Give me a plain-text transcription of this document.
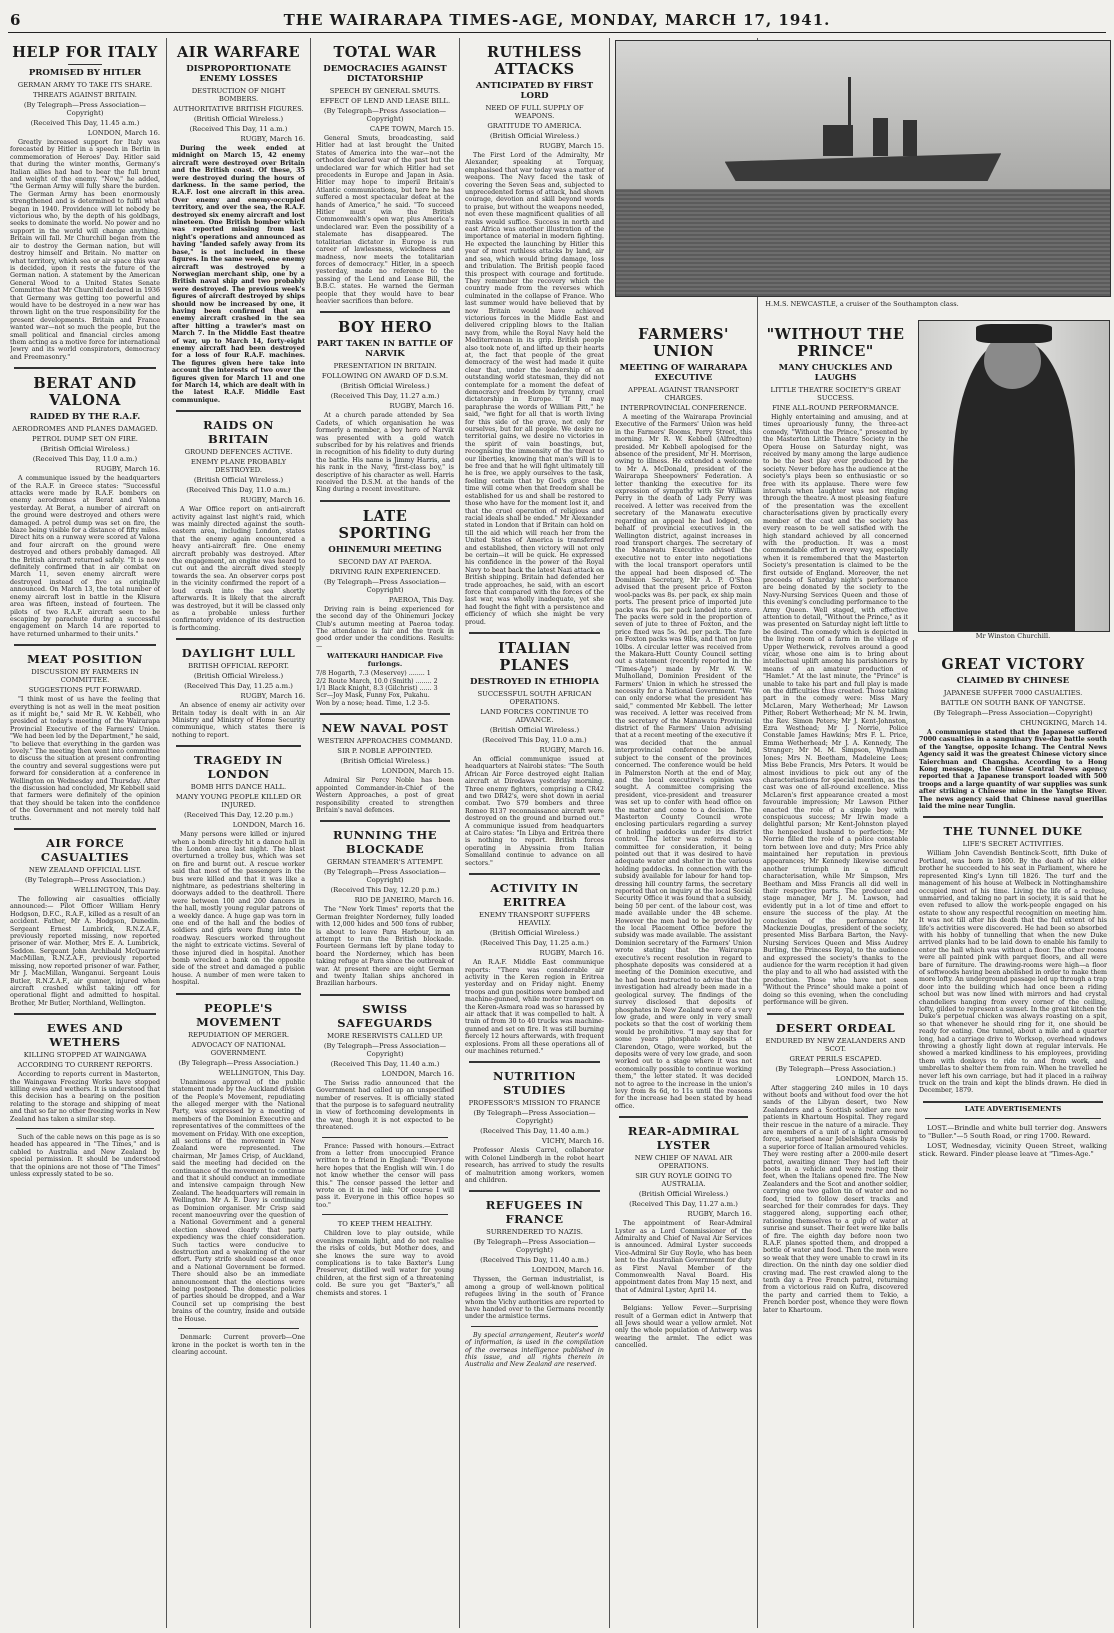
6	THE WAIRARAPA TIMES-AGE, MONDAY, MARCH 17, 1941.
HELP FOR ITALY
PROMISED BY HITLER
GERMAN ARMY TO TAKE ITS SHARE.
THREATS AGAINST BRITAIN.
(By Telegraph—Press Association—Copyright)
(Received This Day, 11.45 a.m.)
LONDON, March 16.

Greatly increased support for Italy was forecasted by Hitler in a speech in Berlin in commemoration of Heroes' Day. Hitler said that during the winter months, Germany's Italian allies had had to bear the full brunt and weight of the enemy. "Now," he added, "the German Army will fully share the burden. The German Army has been enormously strengthened and is determined to fulfil what began in 1940. Providence will let nobody be victorious who, by the depth of his goldbags, seeks to dominate the world. No power and no support in the world will change anything. Britain will fall. Mr Churchill began from the air to destroy the German nation, but will destroy himself and Britain. No matter on what territory, which sea or air space this war is decided, upon it rests the future of the German nation. A statement by the American General Wood to a United States Senate Committee that Mr Churchill declared in 1936 that Germany was getting too powerful and would have to be destroyed in a new war has thrown light on the true responsibility for the present developments. Britain and France wanted war—not so much the people, but the small political and financial circles among them acting as a motive force for international Jewry and its world conspirators, democracy and Freemasonry."

BERAT AND VALONA
RAIDED BY THE R.A.F.
AERODROMES AND PLANES DAMAGED.
PETROL DUMP SET ON FIRE.
(British Official Wireless.)
(Received This Day, 11.0 a.m.)
RUGBY, March 16.

A communique issued by the headquarters of the R.A.F. in Greece states: "Successful attacks were made by R.A.F. bombers on enemy aerodromes at Berat and Valona yesterday. At Berat, a number of aircraft on the ground were destroyed and others were damaged. A petrol dump was set on fire, the blaze being visible for a distance of fifty miles. Direct hits on a runway were scored at Valona and four aircraft on the ground were destroyed and others probably damaged. All the British aircraft returned safely. "It is now definitely confirmed that in air combat on March 11, seven enemy aircraft were destroyed instead of five as originally announced. On March 13, the total number of enemy aircraft lost in battle in the Klisura area was fifteen, instead of fourteen. The pilots of two R.A.F. aircraft seen to be escaping by parachute during a successful engagement on March 14 are reported to have returned unharmed to their units."

MEAT POSITION
DISCUSSION BY FARMERS IN COMMITTEE.
SUGGESTIONS PUT FORWARD.

"I think most of us have the feeling that everything is not as well in the meat position as it might be," said Mr R. W. Kebbell, who presided at today's meeting of the Wairarapa Provincial Executive of the Farmers' Union. "We had been led by the Department," he said, "to believe that everything in the garden was lovely." The meeting then went into committee to discuss the situation at present confronting the country and several suggestions were put forward for consideration at a conference in Wellington on Wednesday and Thursday. After the discussion had concluded, Mr Kebbell said that farmers were definitely of the opinion that they should be taken into the confidence of the Government and not merely told half truths.

AIR FORCE CASUALTIES
NEW ZEALAND OFFICIAL LIST.
(By Telegraph—Press Association.)
WELLINGTON, This Day.

The following air casualties officially announced:— Pilot Officer William Henry Hodgson, D.F.C., R.A.F., killed as a result of an accident. Father, Mr A. Hodgson, Dunedin. Sergeant Ernest Lumbrick, R.N.Z.A.F., previously reported missing, now reported prisoner of war. Mother, Mrs E. A. Lumbrick, Seddon. Sergeant John Archibald McQuarrie MacMillan, R.N.Z.A.F., previously reported missing, now reported prisoner of war. Father, Mr J. MacMillan, Wanganui. Sergeant Louis Butler, R.N.Z.A.F., air gunner, injured when aircraft crashed whilst taking off for operational flight and admitted to hospital. Brother, Mr Butler, Northland, Wellington.

EWES AND WETHERS
KILLING STOPPED AT WAINGAWA
ACCORDING TO CURRENT REPORTS.

According to reports current in Masterton, the Waingawa Freezing Works have stopped killing ewes and wethers. It is understood that this decision has a bearing on the position relating to the storage and shipping of meat and that so far no other freezing works in New Zealand has taken a similar step.

Such of the cable news on this page as is so headed has appeared in "The Times," and is cabled to Australia and New Zealand by special permission. It should be understood that the opinions are not those of "The Times" unless expressly stated to be so.

AIR WARFARE
DISPROPORTIONATE ENEMY LOSSES
DESTRUCTION OF NIGHT BOMBERS.
AUTHORITATIVE BRITISH FIGURES.
(British Official Wireless.)
(Received This Day, 11 a.m.)
RUGBY, March 16.

During the week ended at midnight on March 15, 42 enemy aircraft were destroyed over Britain and the British coast. Of these, 35 were destroyed during the hours of darkness. In the same period, the R.A.F. lost one aircraft in this area. Over enemy and enemy-occupied territory, and over the sea, the R.A.F. destroyed six enemy aircraft and lost nineteen. One British bomber which was reported missing from last night's operations and announced as having "landed safely away from its base," is not included in these figures. In the same week, one enemy aircraft was destroyed by a Norwegian merchant ship, one by a British naval ship and two probably were destroyed. The previous week's figures of aircraft destroyed by ships should now be increased by one, it having been confirmed that an enemy aircraft crashed in the sea after hitting a trawler's mast on March 7. In the Middle East theatre of war, up to March 14, forty-eight enemy aircraft had been destroyed for a loss of four R.A.F. machines. The figures given here take into account the interests of two over the figures given for March 11 and one for March 14, which are dealt with in the latest R.A.F. Middle East communique.

RAIDS ON BRITAIN
GROUND DEFENCES ACTIVE.
ENEMY PLANE PROBABLY DESTROYED.
(British Official Wireless.)
(Received This Day, 11.0 a.m.)
RUGBY, March 16.

A War Office report on anti-aircraft activity against last night's raid, which was mainly directed against the south-eastern area, including London, states that the enemy again encountered a heavy anti-aircraft fire. One enemy aircraft probably was destroyed. After the engagement, an engine was heard to cut out and the aircraft dived steeply towards the sea. An observer corps post in the vicinity confirmed the report of a loud crash into the sea shortly afterwards. It is likely that the aircraft was destroyed, but it will be classed only as a probable unless further confirmatory evidence of its destruction is forthcoming.

DAYLIGHT LULL
BRITISH OFFICIAL REPORT.
(British Official Wireless.)
(Received This Day, 11.25 a.m.)
RUGBY, March 16.

An absence of enemy air activity over Britain today is dealt with in an Air Ministry and Ministry of Home Security communique, which states there is nothing to report.

TRAGEDY IN LONDON
BOMB HITS DANCE HALL.
MANY YOUNG PEOPLE KILLED OR INJURED.
(Received This Day, 12.20 p.m.)
LONDON, March 16.

Many persons were killed or injured when a bomb directly hit a dance hall in the London area last night. The blast overturned a trolley bus, which was set on fire and burnt out. A rescue worker said that most of the passengers in the bus were killed and that it was like a nightmare, as pedestrians sheltering in doorways added to the deathroll. There were between 100 and 200 dancers in the hall, mostly young regular patrons of a weekly dance. A huge gap was torn in one end of the hall and the bodies of soldiers and girls were flung into the roadway. Rescuers worked throughout the night to extricate victims. Several of those injured died in hospital. Another bomb wrecked a bank on the opposite side of the street and damaged a public house. A number of men were taken to hospital.

PEOPLE'S MOVEMENT
REPUDIATION OF MERGER.
ADVOCACY OF NATIONAL GOVERNMENT.
(By Telegraph—Press Association.)
WELLINGTON, This Day.

Unanimous approval of the public statement made by the Auckland division of the People's Movement, repudiating the alleged merger with the National Party, was expressed by a meeting of members of the Dominion Executive and representatives of the committees of the movement on Friday. With one exception, all sections of the movement in New Zealand were represented. The chairman, Mr James Crisp, of Auckland, said the meeting had decided on the continuance of the movement to continue and that it should conduct an immediate and intensive campaign through New Zealand. The headquarters will remain in Wellington. Mr A. E. Davy is continuing as Dominion organiser. Mr Crisp said recent manoeuvring over the question of a National Government and a general election showed clearly that party expediency was the chief consideration. Such tactics were conducive to destruction and a weakening of the war effort. Party strife should cease at once and a National Government be formed. There should also be an immediate announcement that the elections were being postponed. The domestic policies of parties should be dropped, and a War Council set up comprising the best brains of the country, inside and outside the House.

Denmark: Current proverb—One krone in the pocket is worth ten in the clearing account.

TOTAL WAR
DEMOCRACIES AGAINST DICTATORSHIP
SPEECH BY GENERAL SMUTS.
EFFECT OF LEND AND LEASE BILL.
(By Telegraph—Press Association—Copyright)
CAPE TOWN, March 15.

General Smuts, broadcasting, said Hitler had at last brought the United States of America into the war—not the orthodox declared war of the past but the undeclared war for which Hitler had set precedents in Europe and Japan in Asia. Hitler may hope to imperil Britain's Atlantic communications, but here he has suffered a most spectacular defeat at the hands of America," he said. "To succeed Hitler must win the British Commonwealth's open war, plus America's undeclared war. Even the possibility of a stalemate has disappeared. The totalitarian dictator in Europe is run career of lawlessness, wickedness and madness, now meets the totalitarian forces of democracy." Hitler, in a speech yesterday, made no reference to the passing of the Lend and Lease Bill, the B.B.C. states. He warned the German people that they would have to bear heavier sacrifices than before.

BOY HERO
PART TAKEN IN BATTLE OF NARVIK
PRESENTATION IN BRITAIN.
FOLLOWING ON AWARD OF D.S.M.
(British Official Wireless.)
(Received This Day, 11.27 a.m.)
RUGBY, March 16.

At a church parade attended by Sea Cadets, of which organisation he was formerly a member, a boy hero of Narvik was presented with a gold watch subscribed for by his relatives and friends in recognition of his fidelity to duty during the battle. His name is Jimmy Harris, and his rank in the Navy, "first-class boy," is descriptive of his character as well. Harris received the D.S.M. at the hands of the King during a recent investiture.

LATE SPORTING
OHINEMURI MEETING
SECOND DAY AT PAEROA.
DRIVING RAIN EXPERIENCED.
(By Telegraph—Press Association—Copyright)
PAEROA, This Day.

Driving rain is being experienced for the second day of the Ohinemuri Jockey Club's autumn meeting at Paeroa today. The attendance is fair and the track in good order under the conditions. Results:—

WAITEKAURI HANDICAP. Five furlongs.
7/8 Hogarth, 7.3 (Meservey) ........ 1
2/2 Route March, 10.0 (Smith) ........ 2
1/1 Black Knight, 8.3 (Gilchrist) ...... 3
Scr—Joy Mask, Funny Fox, Pukahu.
Won by a nose; head. Time, 1.2 3-5.
NEW NAVAL POST
WESTERN APPROACHES COMMAND.
SIR P. NOBLE APPOINTED.
(British Official Wireless.)
LONDON, March 15.

Admiral Sir Percy Noble has been appointed Commander-in-Chief of the Western Approaches, a post of great responsibility created to strengthen Britain's naval defences.

RUNNING THE BLOCKADE
GERMAN STEAMER'S ATTEMPT.
(By Telegraph—Press Association—Copyright)
(Received This Day, 12.20 p.m.)
RIO DE JANEIRO, March 16.

The "New York Times" reports that the German freighter Norderney, fully loaded with 12,000 hides and 500 tons of rubber, is about to leave Para Harbour, in an attempt to run the British blockade. Fourteen Germans left by plane today to board the Norderney, which has been taking refuge at Para since the outbreak of war. At present there are eight German and twenty Italian ships anchored in Brazilian harbours.

SWISS SAFEGUARDS
MORE RESERVISTS CALLED UP.
(By Telegraph—Press Association—Copyright)
(Received This Day, 11.40 a.m.)
LONDON, March 16.

The Swiss radio announced that the Government had called up an unspecified number of reserves. It is officially stated that the purpose is to safeguard neutrality in view of forthcoming developments in the war, though it is not expected to be threatened.

France: Passed with honours.—Extract from a letter from unoccupied France written to a friend in England: "Everyone here hopes that the English will win. I do not know whether the censor will pass this." The censor passed the letter and wrote on it in red ink: "Of course I will pass it. Everyone in this office hopes so too."

TO KEEP THEM HEALTHY.

Children love to play outside, while evenings remain light, and do not realise the risks of colds, but Mother does, and she knows the sure way to avoid complications is to take Baxter's Lung Preserver, distilled well water for young children, at the first sign of a threatening cold. Be sure you get "Baxter's," all chemists and stores. 1

RUTHLESS ATTACKS
ANTICIPATED BY FIRST LORD
NEED OF FULL SUPPLY OF WEAPONS.
GRATITUDE TO AMERICA.
(British Official Wireless.)
RUGBY, March 15.

The First Lord of the Admiralty, Mr Alexander, speaking at Torquay, emphasised that war today was a matter of weapons. The Navy faced the task of covering the Seven Seas and, subjected to unprecedented forms of attack, had shown courage, devotion and skill beyond words to praise, but without the weapons needed, not even these magnificent qualities of all ranks would suffice. Success in north and east Africa was another illustration of the importance of material in modern fighting. He expected the launching by Hitler this year of most ruthless attacks by land, air and sea, which would bring damage, loss and tribulation. The British people faced this prospect with courage and fortitude. They remember the recovery which the country made from the reverses which culminated in the collapse of France. Who last summer would have believed that by now Britain would have achieved victorious forces in the Middle East and delivered crippling blows to the Italian navy from, while the Royal Navy held the Mediterranean in its grip. British people also took note of, and lifted up their hearts at, the fact that people of the great democracy of the west had made it quite clear that, under the leadership of an outstanding world statesman, they did not contemplate for a moment the defeat of democracy and freedom by tyranny, cruel dictatorship in Europe. "If I may paraphrase the words of William Pitt," he said, "we fight for all that is worth living for this side of the grave, not only for ourselves, but for all people. We desire no territorial gains, we desire no victories in the spirit of vain boastings, but, recognising the immensity of the threat to our liberties, knowing that man's will is to be free and that he will fight ultimately till he is free, we apply ourselves to the task, feeling certain that by God's grace the time will come when that freedom shall be established for us and shall be restored to those who have for the moment lost it, and that the cruel operation of religious and racial ideals shall be ended." Mr Alexander stated in London that if Britain can hold on till the aid which will reach her from the United States of America is transferred and established, then victory will not only be certain—it will be quick. He expressed his confidence in the power of the Royal Navy to beat back the latest Nazi attack on British shipping. Britain had defended her trade approaches, he said, with an escort force that compared with the forces of the last war, was wholly inadequate, yet she had fought the fight with a persistence and efficiency of which she might be very proud.

ITALIAN PLANES
DESTROYED IN ETHIOPIA
SUCCESSFUL SOUTH AFRICAN OPERATIONS.
LAND FORCES CONTINUE TO ADVANCE.
(British Official Wireless.)
(Received This Day, 11.0 a.m.)
RUGBY, March 16.

An official communique issued at headquarters at Nairobi states: "The South African Air Force destroyed eight Italian aircraft at Diredawa yesterday morning. Three enemy fighters, comprising a CR42 and two DR42's, were shot down in aerial combat. Two S79 bombers and three Romeo R137 reconnaissance aircraft were destroyed on the ground and burned out." A communique issued from headquarters at Cairo states: "In Libya and Eritrea there is nothing to report. British forces operating in Abyssinia from Italian Somaliland continue to advance on all sectors."

ACTIVITY IN ERITREA
ENEMY TRANSPORT SUFFERS HEAVILY.
(British Official Wireless.)
(Received This Day, 11.25 a.m.)
RUGBY, March 16.

An R.A.F. Middle East communique reports: "There was considerable air activity in the Keren region in Eritrea yesterday and on Friday night. Enemy troops and gun positions were bombed and machine-gunned, while motor transport on the Keren-Asmara road was so harassed by air attack that it was compelled to halt. A train of from 30 to 40 trucks was machine-gunned and set on fire. It was still burning fiercely 12 hours afterwards, with frequent explosions. From all these operations all of our machines returned."

NUTRITION STUDIES
PROFESSOR'S MISSION TO FRANCE
(By Telegraph—Press Association—Copyright)
(Received This Day, 11.40 a.m.)
VICHY, March 16.

Professor Alexis Carrel, collaborator with Colonel Lindbergh in the robot heart research, has arrived to study the results of malnutrition among workers, women and children.

REFUGEES IN FRANCE
SURRENDERED TO NAZIS.
(By Telegraph—Press Association—Copyright)
(Received This Day, 11.40 a.m.)
LONDON, March 16.

Thyssen, the German industrialist, is among a group of well-known political refugees living in the south of France whom the Vichy authorities are reported to have handed over to the Germans recently under the armistice terms.

By special arrangement, Reuter's world of information, is used in the compilation of the overseas intelligence published in this issue, and all rights therein in Australia and New Zealand are reserved.

H.M.S. NEWCASTLE, a cruiser of the Southampton class.
FARMERS' UNION
MEETING OF WAIRARAPA EXECUTIVE
APPEAL AGAINST TRANSPORT CHARGES.
INTERPROVINCIAL CONFERENCE.

A meeting of the Wairarapa Provincial Executive of the Farmers' Union was held in the Farmers' Rooms, Perry Street, this morning. Mr R. W. Kebbell (Alfredton) presided. Mr Kebbell apologised for the absence of the president, Mr H. Morrison, owing to illness. He extended a welcome to Mr A. McDonald, president of the Wairarapa Sheepowners' Federation. A letter thanking the executive for its expression of sympathy with Sir William Perry in the death of Lady Perry was received. A letter was received from the secretary of the Manawatu executive regarding an appeal he had lodged, on behalf of provincial executives in the Wellington district, against increases in road transport charges. The secretary of the Manawatu Executive advised the executive not to enter into negotiations with the local transport operators until the appeal had been disposed of. The Dominion Secretary, Mr A. P. O'Shea advised that the present price of Foxton wool-packs was 8s. per pack, ex ship main ports. The present price of imported jute packs was 6s. per pack landed into store. The packs were sold in the proportion of seven of jute to three of Foxton, and the price fixed was 5s. 9d. per pack. The fare on Foxton packs was 9lbs, and that on jute 10lbs. A circular letter was received from the Makara-Hutt County Council setting out a statement (recently reported in the "Times-Age") made by Mr W. W. Mulholland, Dominion President of the Farmers' Union in which he stressed the necessity for a National Government. "We can only endorse what the president has said," commented Mr Kebbell. The letter was received. A letter was received from the secretary of the Manawatu Provincial district of the Farmers' Union advising that at a recent meeting of the executive it was decided that the annual interprovincial conference be held, subject to the consent of the provinces concerned. The conference would be held in Palmerston North at the end of May, and the local executive's opinion was sought. A committee comprising the president, vice-president and treasurer was set up to confer with head office on the matter and come to a decision. The Masterton County Council wrote enclosing particulars regarding a survey of holding paddocks under its district control. The letter was referred to a committee for consideration, it being pointed out that it was desired to have adequate water and shelter in the various holding paddocks. In connection with the subsidy available for labour for hand top-dressing hill country farms, the secretary reported that on inquiry at the local Social Security Office it was found that a subsidy, being 50 per cent. of the labour cost, was made available under the 4B scheme. However the men had to be provided by the local Placement Office before the subsidy was made available. The assistant Dominion secretary of the Farmers' Union wrote stating that the Wairarapa executive's recent resolution in regard to phosphate deposits was considered at a meeting of the Dominion executive, and he had been instructed to advise that the investigation had already been made in a geological survey. The findings of the survey disclosed that deposits of phosphates in New Zealand were of a very low grade, and were only in very small pockets so that the cost of working them would be prohibitive. "I may say that for some years phosphate deposits at Clarendon, Otago, were worked, but the deposits were of very low grade, and soon worked out to a stage where it was not economically possible to continue working them," the letter stated. It was decided not to agree to the increase in the union's levy from 8s 6d, to 11s until the reasons for the increase had been stated by head office.

REAR-ADMIRAL LYSTER
NEW CHIEF OF NAVAL AIR OPERATIONS.
SIR GUY ROYLE GOING TO AUSTRALIA.
(British Official Wireless.)
(Received This Day, 11.27 a.m.)
RUGBY, March 16.

The appointment of Rear-Admiral Lyster as a Lord Commissioner of the Admiralty and Chief of Naval Air Services is announced. Admiral Lyster succeeds Vice-Admiral Sir Guy Royle, who has been lent to the Australian Government for duty as First Naval Member of the Commonwealth Naval Board. His appointment dates from May 15 next, and that of Admiral Lyster, April 14.

Belgians: Yellow Fever.—Surprising result of a German edict in Antwerp that all Jews should wear a yellow armlet. Not only the whole population of Antwerp was wearing the armlet. The edict was cancelled.

"WITHOUT THE PRINCE"
MANY CHUCKLES AND LAUGHS
LITTLE THEATRE SOCIETY'S GREAT SUCCESS.
FINE ALL-ROUND PERFORMANCE.

Highly entertaining and amusing, and at times uproariously funny, the three-act comedy, "Without the Prince," presented by the Masterton Little Theatre Society in the Opera House on Saturday night, was received by many among the large audience to be the best play ever produced by the society. Never before has the audience at the society's plays been so enthusiastic or so free with its applause. There were few intervals when laughter was not ringing through the theatre. A most pleasing feature of the presentation was the excellent characterisations given by practically every member of the cast and the society has every reason to be well satisfied with the high standard achieved by all concerned with the production. It was a most commendable effort in every way, especially when it is remembered that the Masterton Society's presentation is claimed to be the first outside of England. Moreover, the net proceeds of Saturday night's performance are being donated by the society to the Navy-Nursing Services Queen and those of this evening's concluding performance to the Army Queen. Well staged, with effective attention to detail, "Without the Prince," as it was presented on Saturday night left little to be desired. The comedy which is depicted in the living room of a farm in the village of Upper Wetherwick, revolves around a good vicar, whose one aim is to bring about intellectual uplift among his parishioners by means of an amateur production of "Hamlet." At the last minute, the "Prince" is unable to take his part and full play is made on the difficulties thus created. Those taking part in the comedy were: Miss Mary McLaren, Mary Wetherhead; Mr Lawson Pither, Robert Wetherhead; Mr N. M. Irwin, the Rev. Simon Peters; Mr J. Kent-Johnston, Ezra Westhead; Mr J. Norrie, Police Constable James Hawkins; Mrs F. L. Price, Emma Wetherhead; Mr J. A. Kennedy, The Stranger; Mr M. M. Simpson, Wyndham Jones; Mrs N. Beetham, Madeleine Lees; Miss Bebe Francis, Mrs Peters. It would be almost invidious to pick out any of the characterisations for special mention, as the cast was one of all-round excellence. Miss McLaren's first appearance created a most favourable impression; Mr Lawson Pither enacted the role of a simple boy with conspicuous success; Mr Irwin made a delightful parson; Mr Kent-Johnston played the henpecked husband to perfection; Mr Norrie filled the role of a police constable torn between love and duty; Mrs Price ably maintained her reputation in previous appearances; Mr Kennedy likewise secured another triumph in a difficult characterisation, while Mr Simpson, Mrs Beetham and Miss Francis all did well in their respective parts. The producer and stage manager, Mr J. M. Lawson, had evidently put in a lot of time and effort to ensure the success of the play. At the conclusion of the performance Mr Mackenzie Douglas, president of the society, presented Miss Barbara Barton, the Navy-Nursing Services Queen and Miss Audrey Burling, the Princess Royal, to the audience and expressed the society's thanks to the audience for the warm reception it had given the play and to all who had assisted with the production. Those who have not seen "Without the Prince" should make a point of doing so this evening, when the concluding performance will be given.

DESERT ORDEAL
ENDURED BY NEW ZEALANDERS AND SCOT.
GREAT PERILS ESCAPED.
(By Telegraph—Press Association.)
LONDON, March 15.

After staggering 240 miles in 10 days without boots and without food over the hot sands of the Libyan desert, two New Zealanders and a Scottish soldier are now patients in Khartoum Hospital. They regard their rescue in the nature of a miracle. They are members of a unit of a light armoured force, surprised near Jebelshshara Oasis by a superior force of Italian armoured vehicles. They were resting after a 2000-mile desert patrol, awaiting dinner. They had left their boots in a vehicle and were resting their feet, when the Italians opened fire. The New Zealanders and the Scot and another soldier, carrying one two gallon tin of water and no food, tried to follow desert tracks and searched for their comrades for days. They staggered along, supporting each other, rationing themselves to a gulp of water at sunrise and sunset. Their feet were like balls of fire. The eighth day before noon two R.A.F. planes spotted them, and dropped a bottle of water and food. Then the men were so weak that they were unable to crawl in its direction. On the ninth day one soldier died craving mad. The rest crawled along to the tenth day a Free French patrol, returning from a victorious raid on Kufra, discovered the party and carried them to Tekio, a French border post, whence they were flown later to Khartoum.

Mr Winston Churchill.
GREAT VICTORY
CLAIMED BY CHINESE
JAPANESE SUFFER 7000 CASUALTIES.
BATTLE ON SOUTH BANK OF YANGTSE.
(By Telegraph—Press Association—Copyright)
CHUNGKING, March 14.

A communique stated that the Japanese suffered 7000 casualties in a sanguinary five-day battle south of the Yangtse, opposite Ichang. The Central News Agency said it was the greatest Chinese victory since Taierchuan and Changsha. According to a Hong Kong message, the Chinese Central News agency reported that a Japanese transport loaded with 500 troops and a large quantity of war supplies was sunk after striking a Chinese mine in the Yangtse River. The news agency said that Chinese naval guerillas laid the mine near Tunglin.

THE TUNNEL DUKE
LIFE'S SECRET ACTIVITIES.

William John Cavendish Bentinck-Scott, fifth Duke of Portland, was born in 1800. By the death of his elder brother he succeeded to his seat in Parliament, where he represented King's Lynn till 1826. The turf and the management of his house at Welbeck in Nottinghamshire occupied most of his time. Living the life of a recluse, unmarried, and taking no part in society, it is said that he even refused to allow the work-people engaged on his estate to show any respectful recognition on meeting him. It was not till after his death that the full extent of his life's activities were discovered. He had been so absorbed with his hobby of tunnelling that when the new Duke arrived planks had to be laid down to enable his family to enter the hall which was without a floor. The other rooms were all painted pink with parquet floors, and all were bare of furniture. The drawing-rooms were high—a floor of softwoods having been abolished in order to make them more lofty. An underground passage led up through a trap door into the building which had once been a riding school but was now lined with mirrors and had crystal chandeliers hanging from every corner of the ceiling, lofty, gilded to represent a sunset. In the great kitchen the Duke's perpetual chicken was always roasting on a spit, so that whenever he should ring for it, one should be ready for eating. One tunnel, about a mile and a quarter long, had a carriage drive to Worksop, overhead windows throwing a ghostly light down at regular intervals. He showed a marked kindliness to his employees, providing them with donkeys to ride to and from work, and umbrellas to shelter them from rain. When he travelled he never left his own carriage, but had it placed in a railway truck on the train and kept the blinds drawn. He died in December, 1879.

LATE ADVERTISEMENTS

LOST.—Brindle and white bull terrier dog. Answers to "Buller."—5 South Road, or ring 1700. Reward.

LOST, Wednesday, vicinity Queen Street, walking stick. Reward. Finder please leave at "Times-Age."
